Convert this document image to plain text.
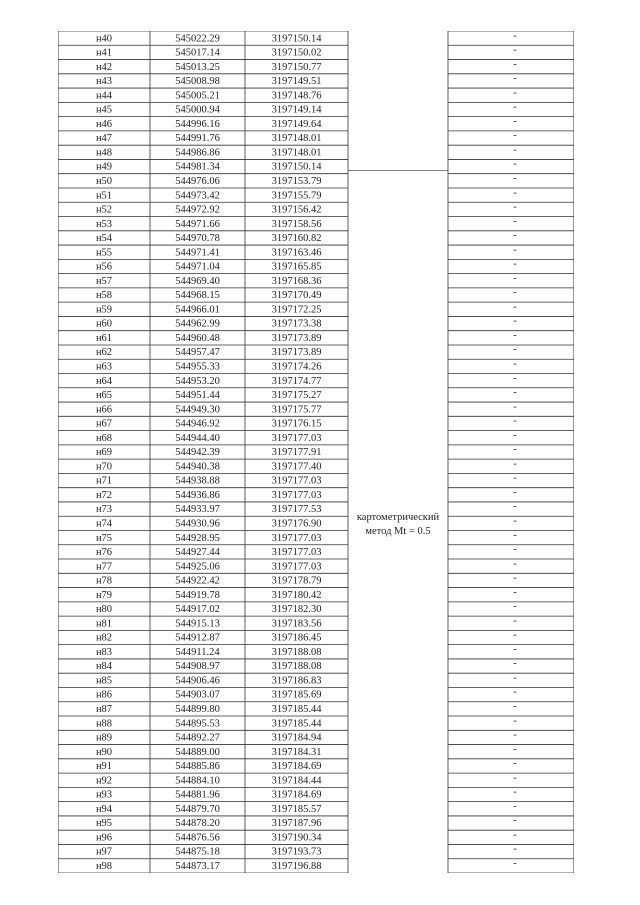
н40	545022.29	3197150.14	-
н41	545017.14	3197150.02	-
н42	545013.25	3197150.77	-
н43	545008.98	3197149.51	-
н44	545005.21	3197148.76	-
н45	545000.94	3197149.14	-
н46	544996.16	3197149.64	-
н47	544991.76	3197148.01	-
н48	544986.86	3197148.01	-
н49	544981.34	3197150.14	-
н50	544976.06	3197153.79	-
н51	544973.42	3197155.79	-
н52	544972.92	3197156.42	-
н53	544971.66	3197158.56	-
н54	544970.78	3197160.82	-
н55	544971.41	3197163.46	-
н56	544971.04	3197165.85	-
н57	544969.40	3197168.36	-
н58	544968.15	3197170.49	-
н59	544966.01	3197172.25	-
н60	544962.99	3197173.38	-
н61	544960.48	3197173.89	-
н62	544957.47	3197173.89	-
н63	544955.33	3197174.26	-
н64	544953.20	3197174.77	-
н65	544951.44	3197175.27	-
н66	544949.30	3197175.77	-
н67	544946.92	3197176.15	-
н68	544944.40	3197177.03	-
н69	544942.39	3197177.91	-
н70	544940.38	3197177.40	-
н71	544938.88	3197177.03	-
н72	544936.86	3197177.03	-
н73	544933.97	3197177.53	-
н74	544930.96	3197176.90	-
н75	544928.95	3197177.03	-
н76	544927.44	3197177.03	-
н77	544925.06	3197177.03	-
н78	544922.42	3197178.79	-
н79	544919.78	3197180.42	-
н80	544917.02	3197182.30	-
н81	544915.13	3197183.56	-
н82	544912.87	3197186.45	-
н83	544911.24	3197188.08	-
н84	544908.97	3197188.08	-
н85	544906.46	3197186.83	-
н86	544903.07	3197185.69	-
н87	544899.80	3197185.44	-
н88	544895.53	3197185.44	-
н89	544892.27	3197184.94	-
н90	544889.00	3197184.31	-
н91	544885.86	3197184.69	-
н92	544884.10	3197184.44	-
н93	544881.96	3197184.69	-
н94	544879.70	3197185.57	-
н95	544878.20	3197187.96	-
н96	544876.56	3197190.34	-
н97	544875.18	3197193.73	-
н98	544873.17	3197196.88	-
картометрический
метод Mt = 0.5
